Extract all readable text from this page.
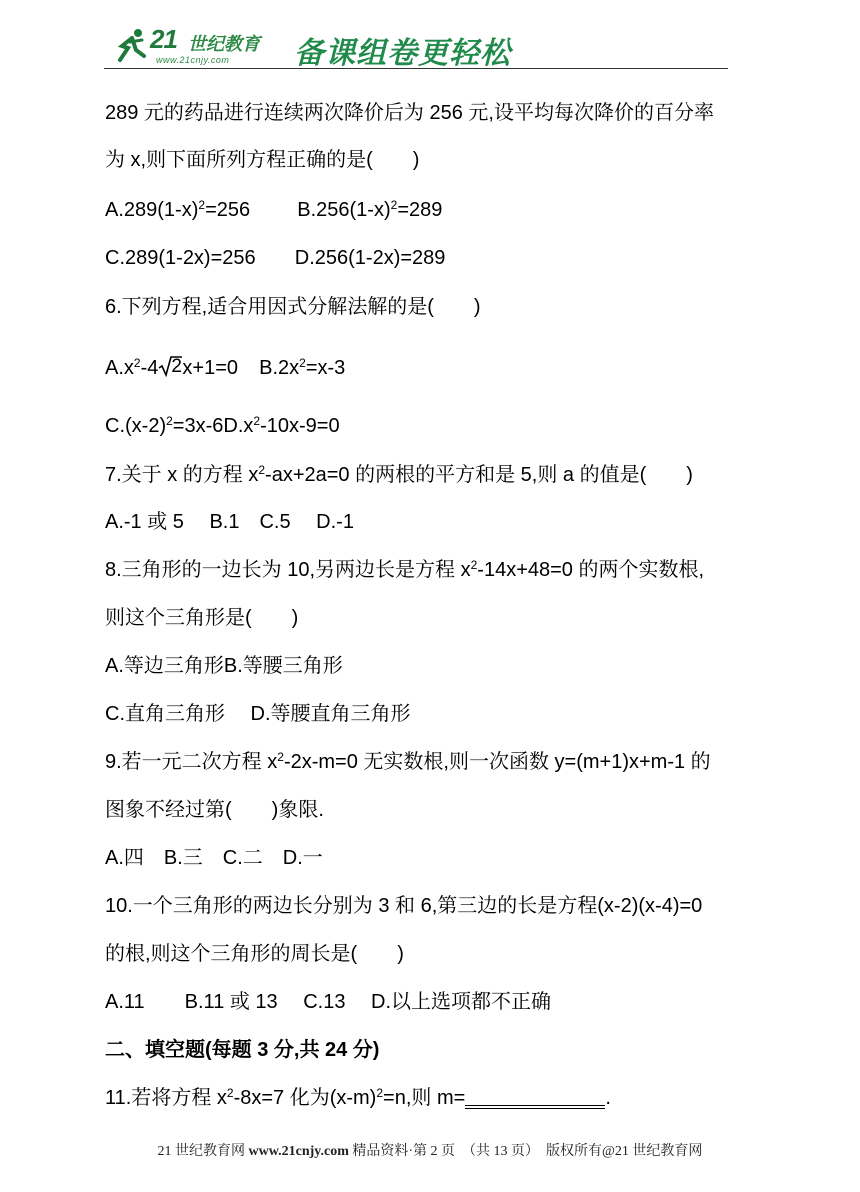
21 世纪教育
www.21cnjy.com 备课组卷更轻松
289 元的药品进行连续两次降价后为 256 元,设平均每次降价的百分率
为 x,则下面所列方程正确的是(　　)
$A.289(1-x)^2=256$ $B.256(1-x)^2=289$
C.289(1-2x)=256 D.256(1-2x)=289
6.下列方程,适合用因式分解法解的是(　　)
$A.x^2-4$ 2 x+1=0 $B.2x^2=x-3$
$C.(x-2)^2=3x-6D.x^2-10x-9=0$
7.关于 x 的方程 $x^2-ax+2a=0$ 的两根的平方和是 5,则 a 的值是(　　)
A.-1 或 5　 B.1　C.5　 D.-1
8.三角形的一边长为 10,另两边长是方程 $x^2-14x+48=0$ 的两个实数根,
则这个三角形是(　　)
A.等边三角形B.等腰三角形
C.直角三角形　 D.等腰直角三角形
9.若一元二次方程 $x^2-2x-m=0$ 无实数根,则一次函数 y=(m+1)x+m-1 的
图象不经过第(　　)象限.
A.四　B.三　C.二　D.一
10.一个三角形的两边长分别为 3 和 6,第三边的长是方程(x-2)(x-4)=0
的根,则这个三角形的周长是(　　)
A.11　　B.11 或 13　 C.13　 D.以上选项都不正确
二、填空题(每题 3 分,共 24 分)
11.若将方程 $x^2-8x=7$ 化为$(x-m)^2=n$,则 m=	.
21 世纪教育网 www.21cnjy.com 精品资料·第 2 页　（共 13 页）　版权所有@21 世纪教育网
